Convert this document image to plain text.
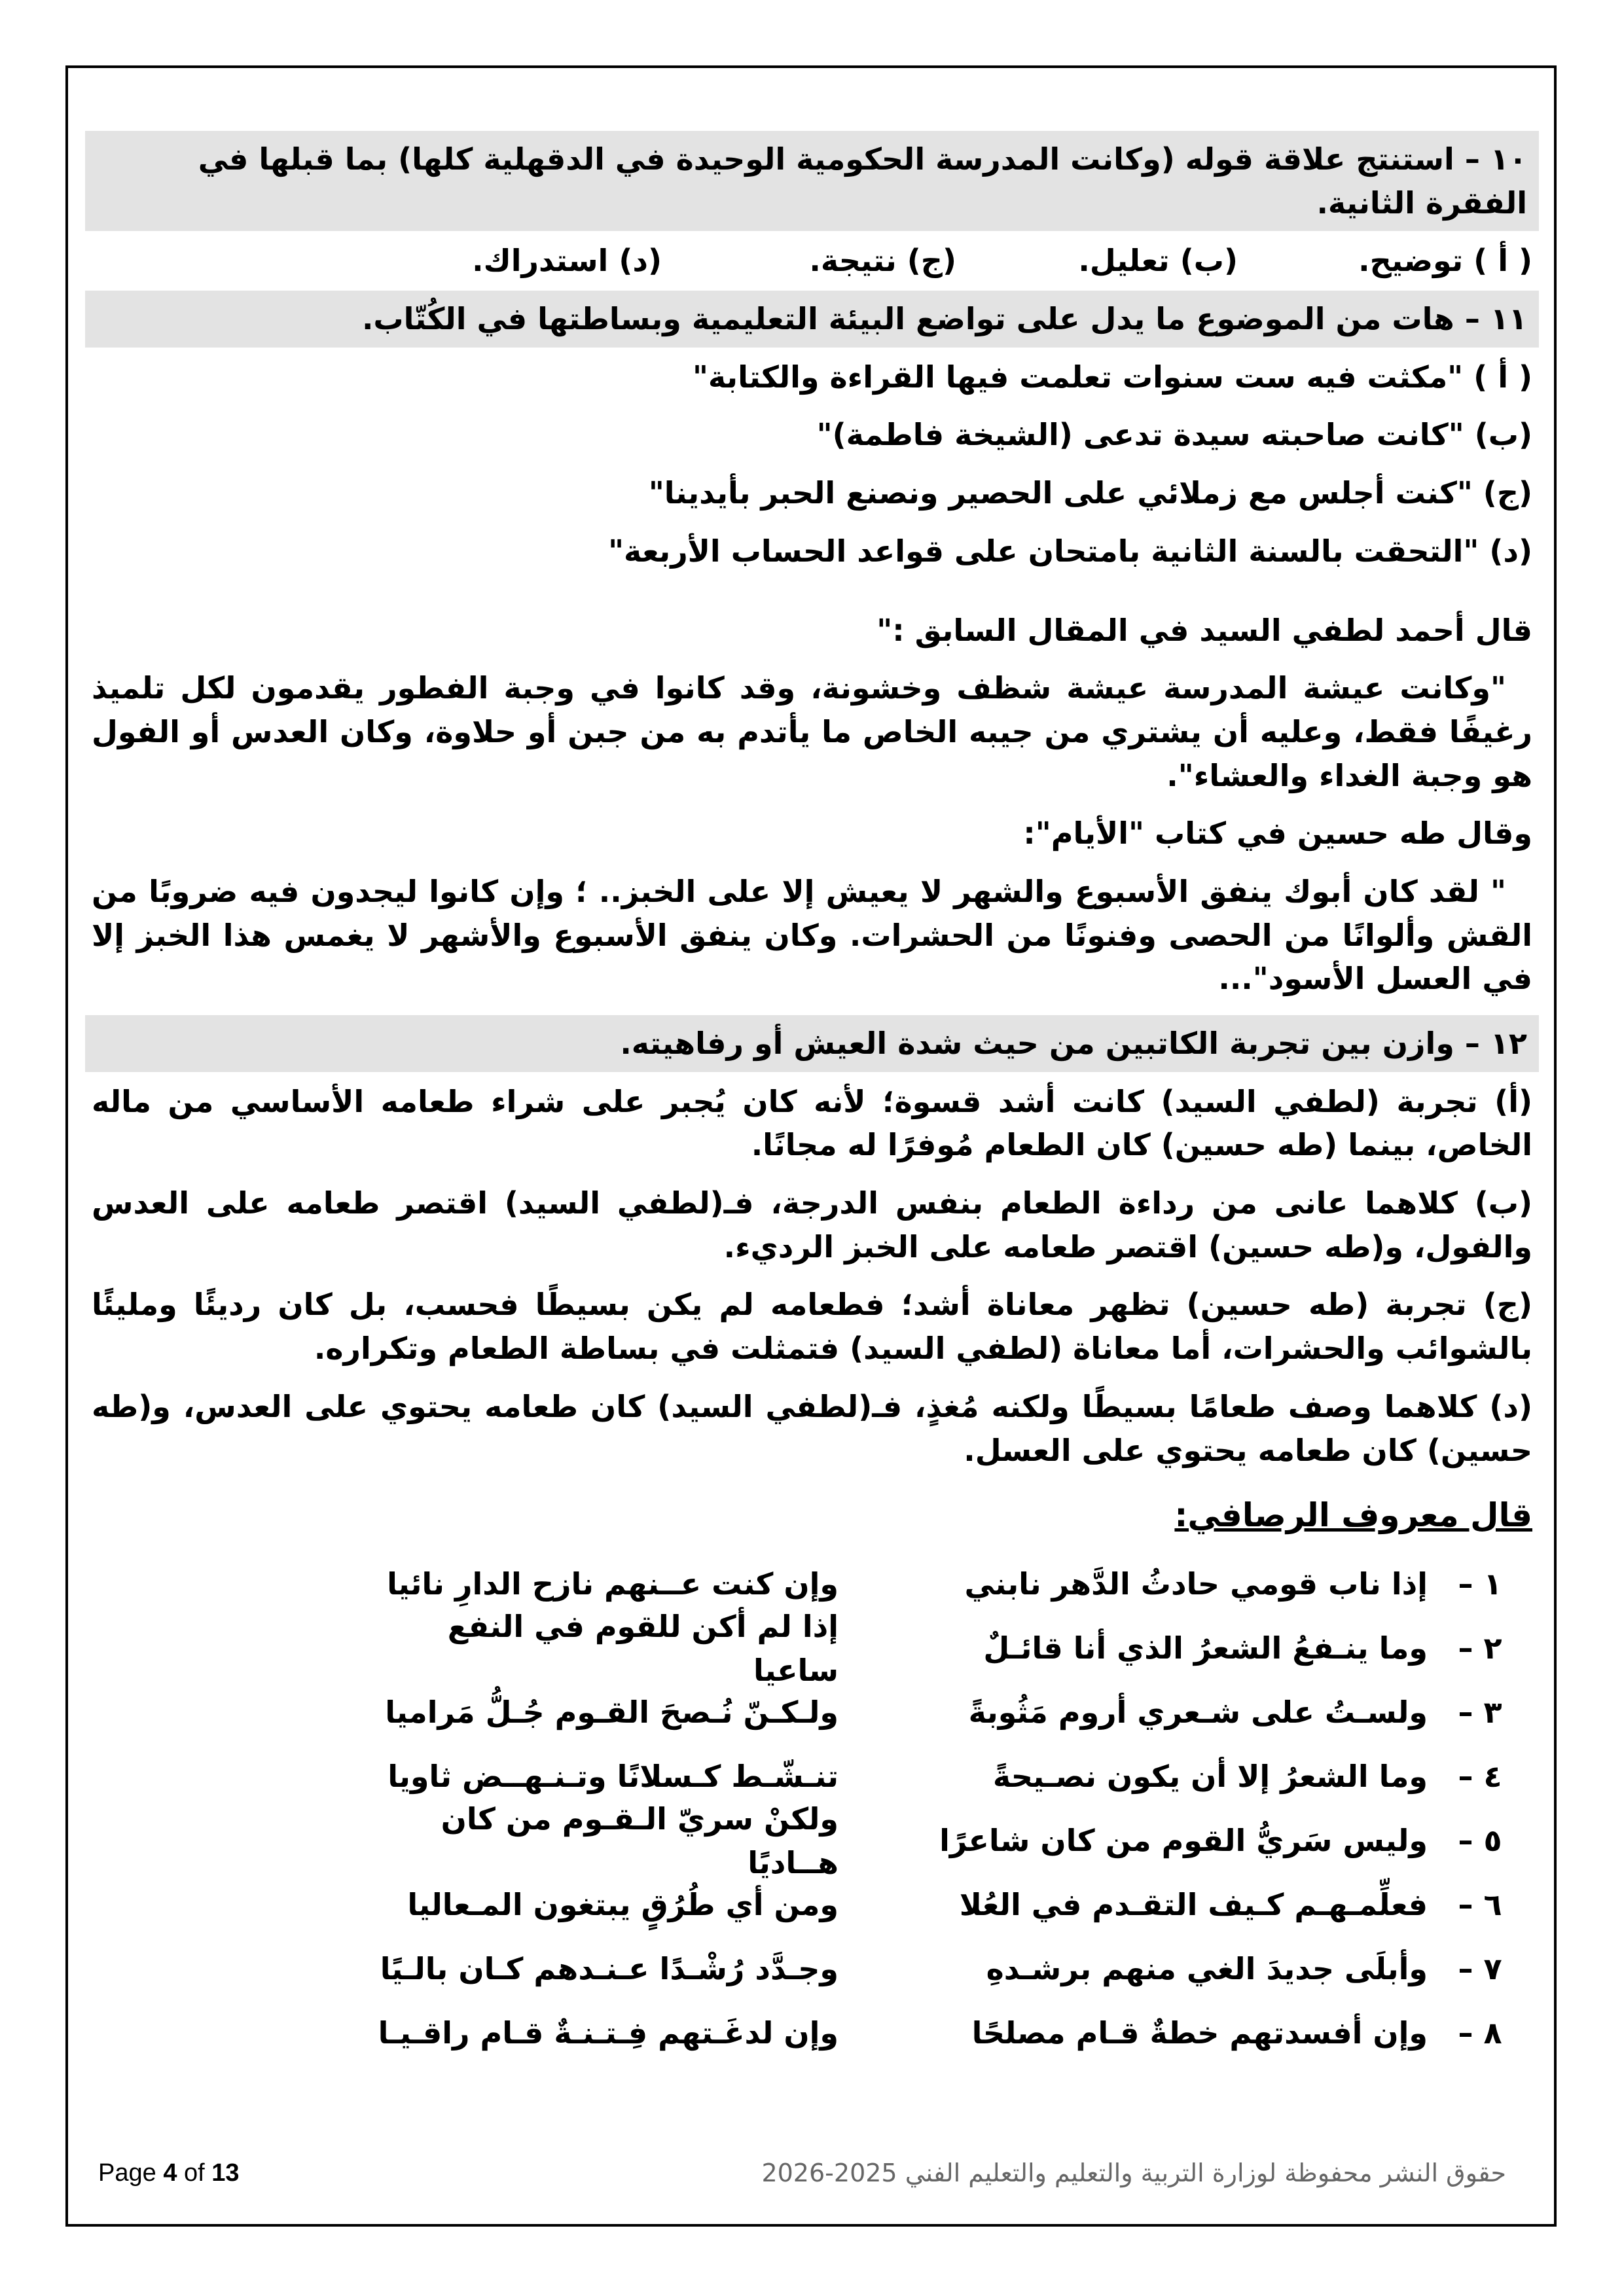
١٠ – استنتج علاقة قوله (وكانت المدرسة الحكومية الوحيدة في الدقهلية كلها) بما قبلها في الفقرة الثانية.
( أ ) توضيح.
(ب) تعليل.
(ج) نتيجة.
(د) استدراك.
١١ – هات من الموضوع ما يدل على تواضع البيئة التعليمية وبساطتها في الكُتّاب.
( أ ) "مكثت فيه ست سنوات تعلمت فيها القراءة والكتابة"
(ب) "كانت صاحبته سيدة تدعى (الشيخة فاطمة)"
(ج) "كنت أجلس مع زملائي على الحصير ونصنع الحبر بأيدينا"
(د) "التحقت بالسنة الثانية بامتحان على قواعد الحساب الأربعة"
قال أحمد لطفي السيد في المقال السابق :"
"وكانت عيشة المدرسة عيشة شظف وخشونة، وقد كانوا في وجبة الفطور يقدمون لكل تلميذ رغيفًا فقط، وعليه أن يشتري من جيبه الخاص ما يأتدم به من جبن أو حلاوة، وكان العدس أو الفول هو وجبة الغداء والعشاء".
وقال طه حسين في كتاب "الأيام":
" لقد كان أبوك ينفق الأسبوع والشهر لا يعيش إلا على الخبز.. ؛ وإن كانوا ليجدون فيه ضروبًا من القش وألوانًا من الحصى وفنونًا من الحشرات. وكان ينفق الأسبوع والأشهر لا يغمس هذا الخبز إلا في العسل الأسود"...
١٢ – وازن بين تجربة الكاتبين من حيث شدة العيش أو رفاهيته.
(أ) تجربة (لطفي السيد) كانت أشد قسوة؛ لأنه كان يُجبر على شراء طعامه الأساسي من ماله الخاص، بينما (طه حسين) كان الطعام مُوفرًا له مجانًا.
(ب) كلاهما عانى من رداءة الطعام بنفس الدرجة، فـ(لطفي السيد) اقتصر طعامه على العدس والفول، و(طه حسين) اقتصر طعامه على الخبز الرديء.
(ج) تجربة (طه حسين) تظهر معاناة أشد؛ فطعامه لم يكن بسيطًا فحسب، بل كان رديئًا ومليئًا بالشوائب والحشرات، أما معاناة (لطفي السيد) فتمثلت في بساطة الطعام وتكراره.
(د) كلاهما وصف طعامًا بسيطًا ولكنه مُغذٍ، فـ(لطفي السيد) كان طعامه يحتوي على العدس، و(طه حسين) كان طعامه يحتوي على العسل.
قال معروف الرصافي:
١ –
إذا ناب قومي حادثُ الدَّهر نابني
وإن كنت عــنهم نازح الدارِ نائيا
٢ –
وما ينـفعُ الشعرُ الذي أنا قائـلٌ
إذا لم أكن للقوم في النفع ساعيا
٣ –
ولسـتُ على شـعري أروم مَثُوبةً
ولـكـنّ نُـصحَ القـوم جُـلُّ مَراميا
٤ –
وما الشعرُ إلا أن يكون نصـيحةً
تنـشّـط كـسلانًا وتـنـهــض ثاويا
٥ –
وليس سَريُّ القوم من كان شاعرًا
ولكنْ سريّ الـقـوم من كان هــاديًا
٦ –
فعلِّمـهـم كـيف التقـدم في العُلا
ومن أي طُرُقٍ يبتغون المـعاليا
٧ –
وأبلَى جديدَ الغي منهم برشـدهِ
وجـدَّد رُشْـدًا عـنـدهم كـان بالـيًا
٨ –
وإن أفسدتهم خطةٌ قـام مصلحًا
وإن لدغَـتهم فِـتـنـةٌ قـام راقـيـا
Page 4 of 13	حقوق النشر محفوظة لوزارة التربية والتعليم والتعليم الفني 2025-2026
